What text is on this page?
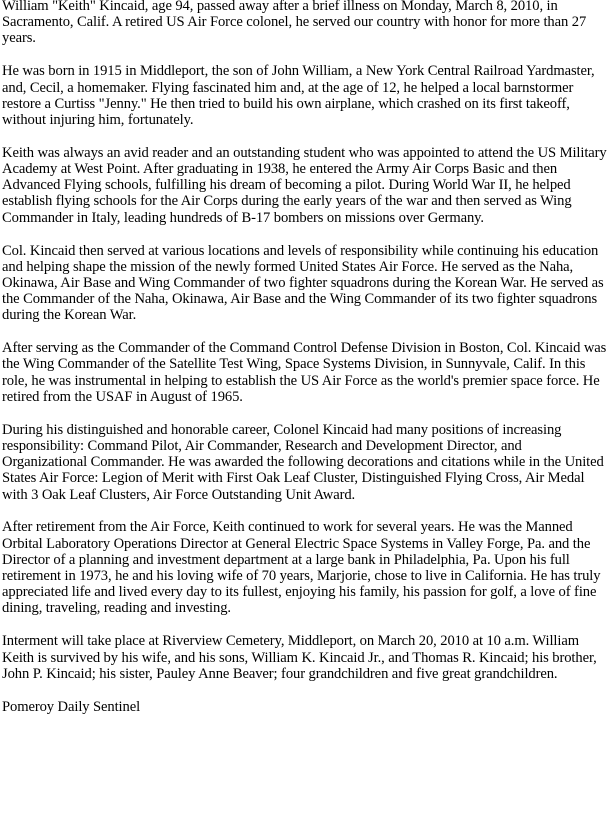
William "Keith" Kincaid, age 94, passed away after a brief illness on Monday, March 8, 2010, in Sacramento, Calif. A retired US Air Force colonel, he served our country with honor for more than 27 years.

He was born in 1915 in Middleport, the son of John William, a New York Central Railroad Yardmaster, and, Cecil, a homemaker. Flying fascinated him and, at the age of 12, he helped a local barnstormer restore a Curtiss "Jenny." He then tried to build his own airplane, which crashed on its first takeoff, without injuring him, fortunately.

Keith was always an avid reader and an outstanding student who was appointed to attend the US Military Academy at West Point. After graduating in 1938, he entered the Army Air Corps Basic and then Advanced Flying schools, fulfilling his dream of becoming a pilot. During World War II, he helped establish flying schools for the Air Corps during the early years of the war and then served as Wing Commander in Italy, leading hundreds of B-17 bombers on missions over Germany.

Col. Kincaid then served at various locations and levels of responsibility while continuing his education and helping shape the mission of the newly formed United States Air Force. He served as the Naha, Okinawa, Air Base and Wing Commander of two fighter squadrons during the Korean War. He served as the Commander of the Naha, Okinawa, Air Base and the Wing Commander of its two fighter squadrons during the Korean War.

After serving as the Commander of the Command Control Defense Division in Boston, Col. Kincaid was the Wing Commander of the Satellite Test Wing, Space Systems Division, in Sunnyvale, Calif. In this role, he was instrumental in helping to establish the US Air Force as the world's premier space force. He retired from the USAF in August of 1965.

During his distinguished and honorable career, Colonel Kincaid had many positions of increasing responsibility: Command Pilot, Air Commander, Research and Development Director, and Organizational Commander. He was awarded the following decorations and citations while in the United States Air Force: Legion of Merit with First Oak Leaf Cluster, Distinguished Flying Cross, Air Medal with 3 Oak Leaf Clusters, Air Force Outstanding Unit Award.

After retirement from the Air Force, Keith continued to work for several years. He was the Manned Orbital Laboratory Operations Director at General Electric Space Systems in Valley Forge, Pa. and the Director of a planning and investment department at a large bank in Philadelphia, Pa. Upon his full retirement in 1973, he and his loving wife of 70 years, Marjorie, chose to live in California. He has truly appreciated life and lived every day to its fullest, enjoying his family, his passion for golf, a love of fine dining, traveling, reading and investing.

Interment will take place at Riverview Cemetery, Middleport, on March 20, 2010 at 10 a.m. William Keith is survived by his wife, and his sons, William K. Kincaid Jr., and Thomas R. Kincaid; his brother, John P. Kincaid; his sister, Pauley Anne Beaver; four grandchildren and five great grandchildren.

Pomeroy Daily Sentinel
